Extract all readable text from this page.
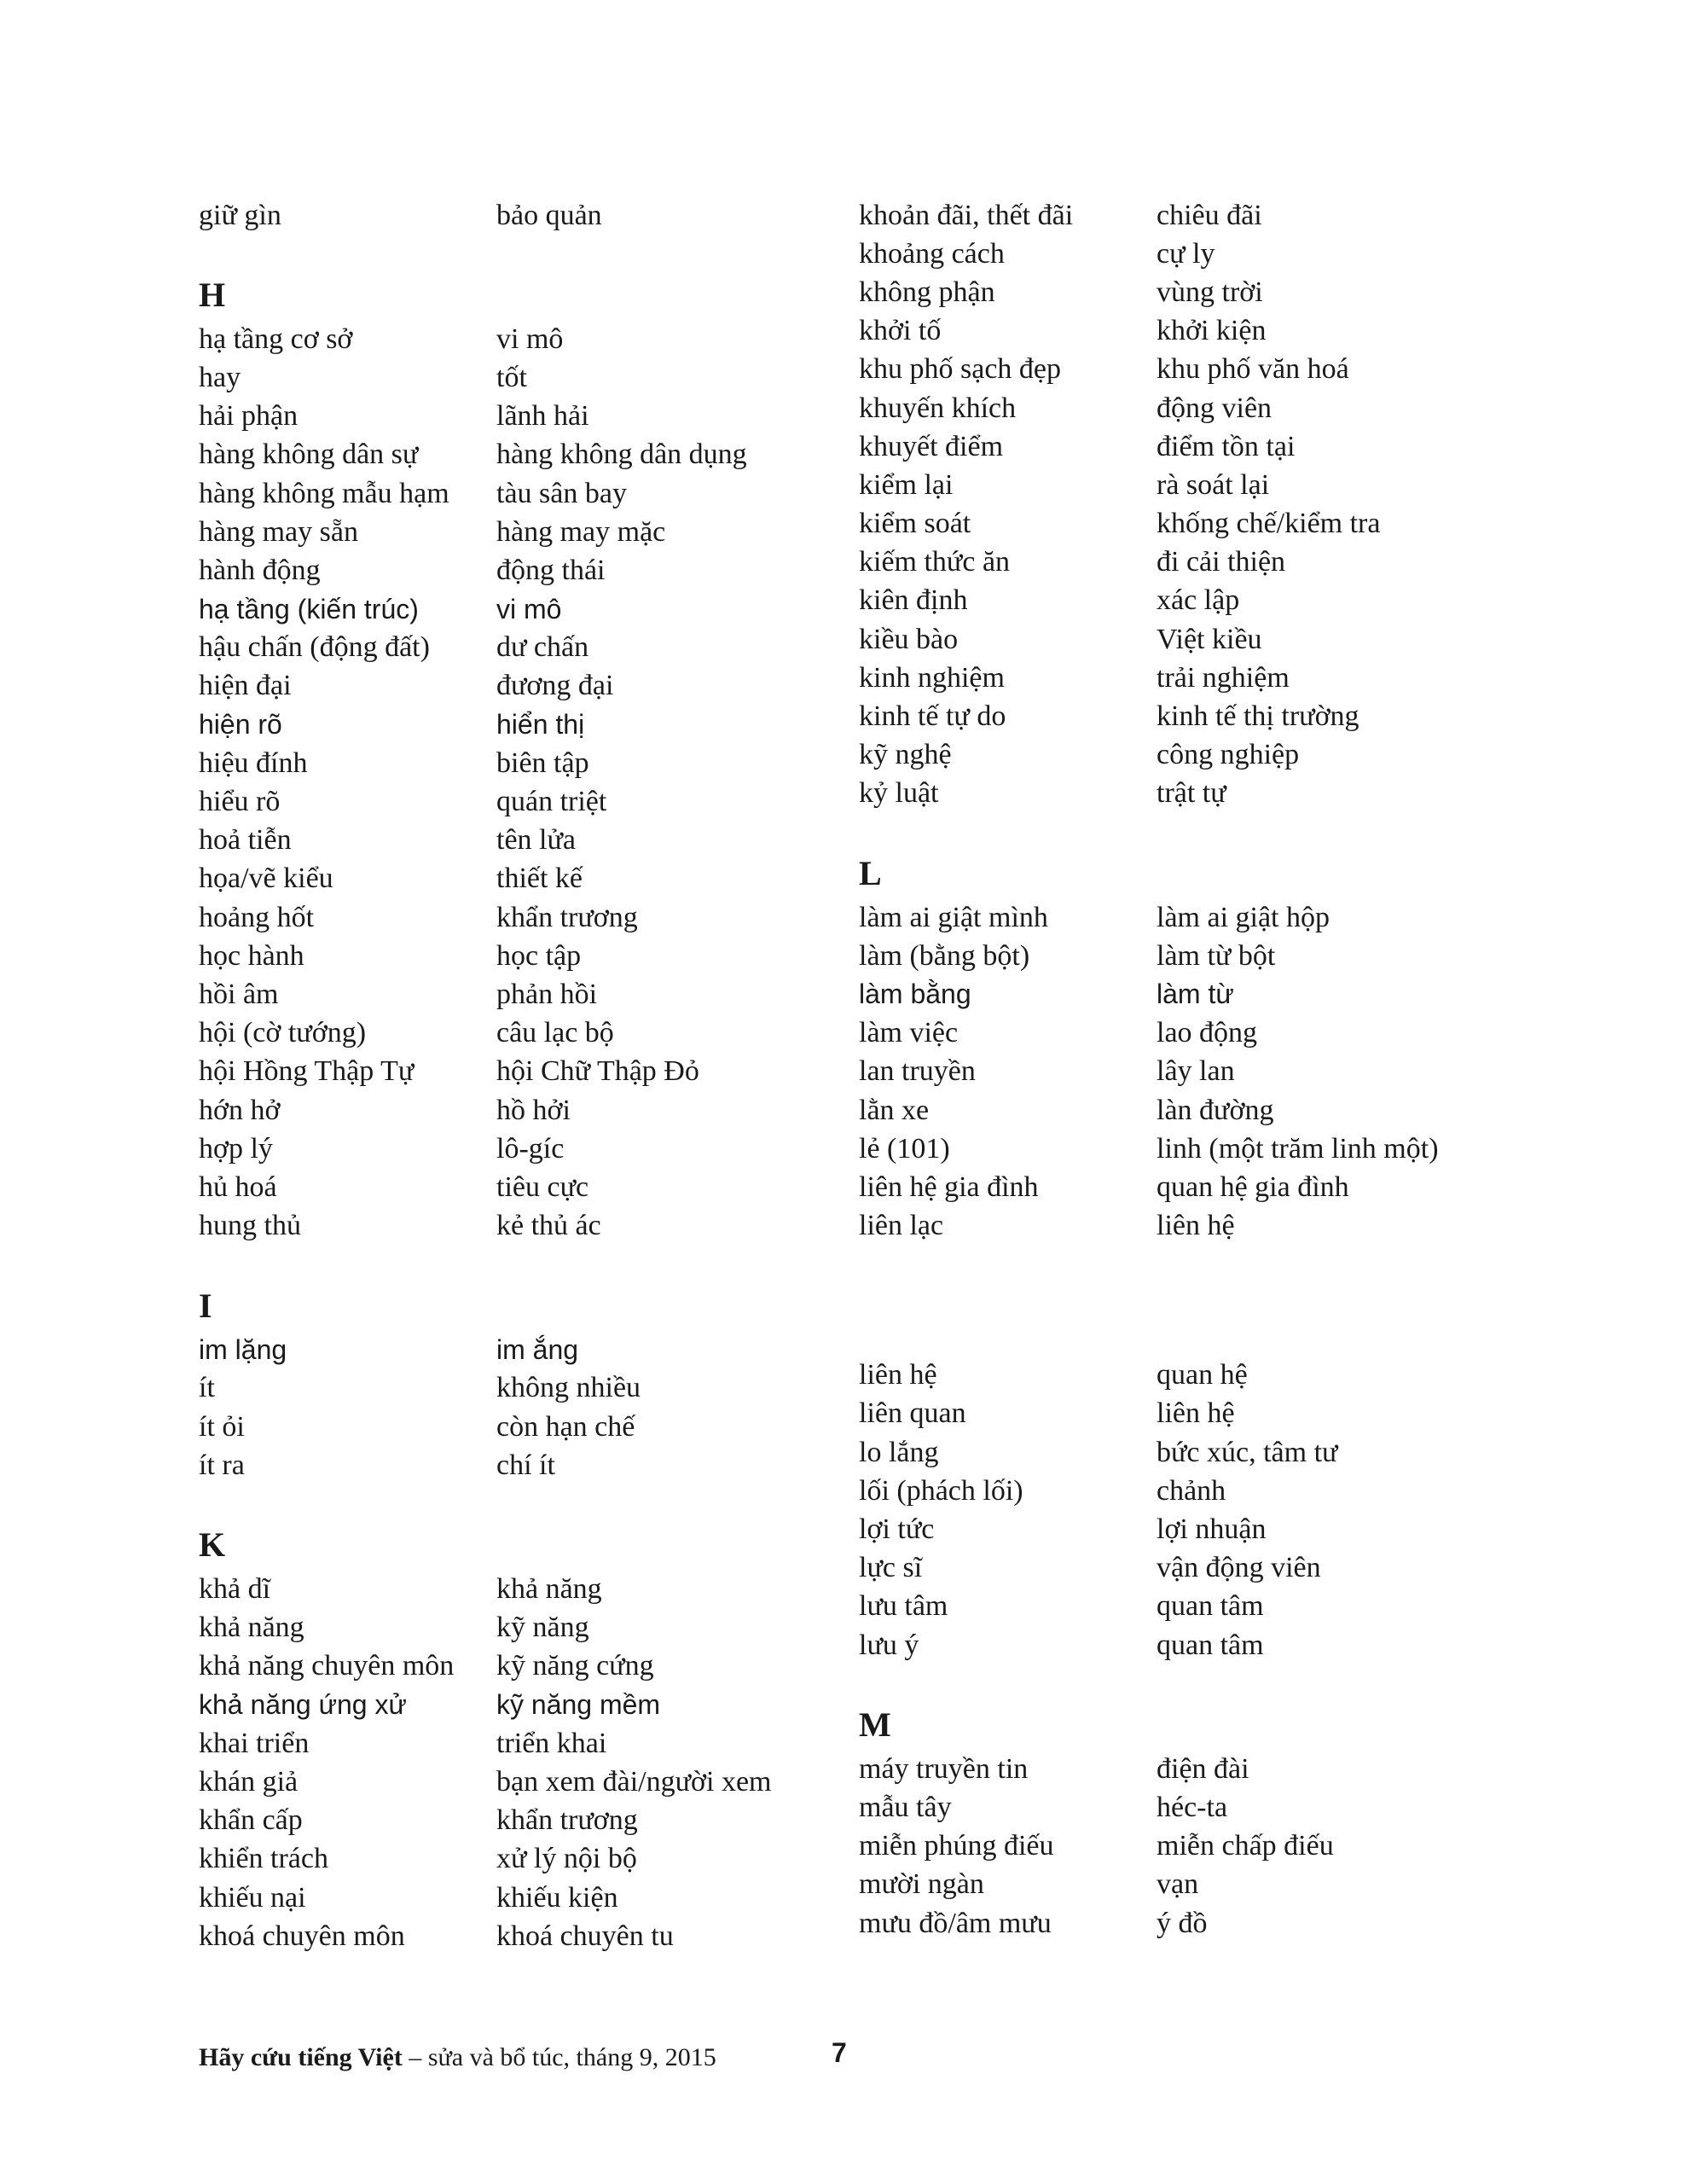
giữ gìn	bảo quản
H
hạ tầng cơ sở	vi mô
hay	tốt
hải phận	lãnh hải
hàng không dân sự	hàng không dân dụng
hàng không mẫu hạm	tàu sân bay
hàng may sẵn	hàng may mặc
hành động	động thái
hạ tầng (kiến trúc)	vi mô
hậu chấn (động đất)	dư chấn
hiện đại	đương đại
hiện rõ	hiển thị
hiệu đính	biên tập
hiểu rõ	quán triệt
hoả tiễn	tên lửa
họa/vẽ kiểu	thiết kế
hoảng hốt	khẩn trương
học hành	học tập
hồi âm	phản hồi
hội (cờ tướng)	câu lạc bộ
hội Hồng Thập Tự	hội Chữ Thập Đỏ
hớn hở	hồ hởi
hợp lý	lô-gíc
hủ hoá	tiêu cực
hung thủ	kẻ thủ ác
I
im lặng	im ắng
ít	không nhiều
ít ỏi	còn hạn chế
ít ra	chí ít
K
khả dĩ	khả năng
khả năng	kỹ năng
khả năng chuyên môn	kỹ năng cứng
khả năng ứng xử	kỹ năng mềm
khai triển	triển khai
khán giả	bạn xem đài/người xem
khẩn cấp	khẩn trương
khiển trách	xử lý nội bộ
khiếu nại	khiếu kiện
khoá chuyên môn	khoá chuyên tu
khoản đãi, thết đãi	chiêu đãi
khoảng cách	cự ly
không phận	vùng trời
khởi tố	khởi kiện
khu phố sạch đẹp	khu phố văn hoá
khuyến khích	động viên
khuyết điểm	điểm tồn tại
kiểm lại	rà soát lại
kiểm soát	khống chế/kiểm tra
kiếm thức ăn	đi cải thiện
kiên định	xác lập
kiều bào	Việt kiều
kinh nghiệm	trải nghiệm
kinh tế tự do	kinh tế thị trường
kỹ nghệ	công nghiệp
kỷ luật	trật tự
L
làm ai giật mình	làm ai giật hộp
làm (bằng bột)	làm từ bột
làm bằng	làm từ
làm việc	lao động
lan truyền	lây lan
lằn xe	làn đường
lẻ (101)	linh (một trăm linh một)
liên hệ gia đình	quan hệ gia đình
liên lạc	liên hệ
liên hệ	quan hệ
liên quan	liên hệ
lo lắng	bức xúc, tâm tư
lối (phách lối)	chảnh
lợi tức	lợi nhuận
lực sĩ	vận động viên
lưu tâm	quan tâm
lưu ý	quan tâm
M
máy truyền tin	điện đài
mẫu tây	héc-ta
miễn phúng điếu	miễn chấp điếu
mười ngàn	vạn
mưu đồ/âm mưu	ý đồ
Hãy cứu tiếng Việt – sửa và bổ túc, tháng 9, 2015	7
